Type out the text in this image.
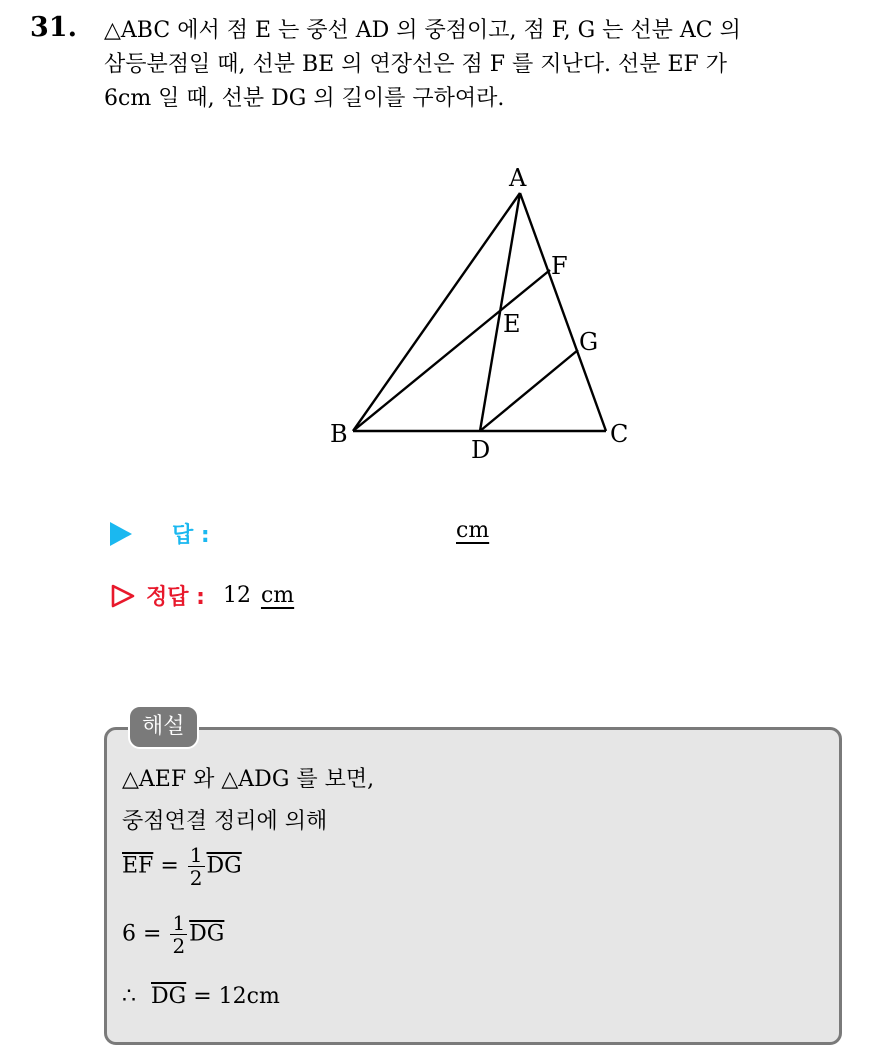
31. △ABC 에서 점 E 는 중선 AD 의 중점이고, 점 F, G 는 선분 AC 의
삼등분점일 때, 선분 BE 의 연장선은 점 F 를 지난다. 선분 EF 가
6cm 일 때, 선분 DG 의 길이를 구하여라.
A
B	C
D
E
F
G
답 :	cm
정답 : 12 cm
해설
△AEF 와 △ADG 를 보면,
중점연결 정리에 의해
$\overline{EF} = \frac{1}{2} \overline{DG}$
$6 = \frac{1}{2} \overline{DG}$
∴ $\overline{DG} = 12cm$
